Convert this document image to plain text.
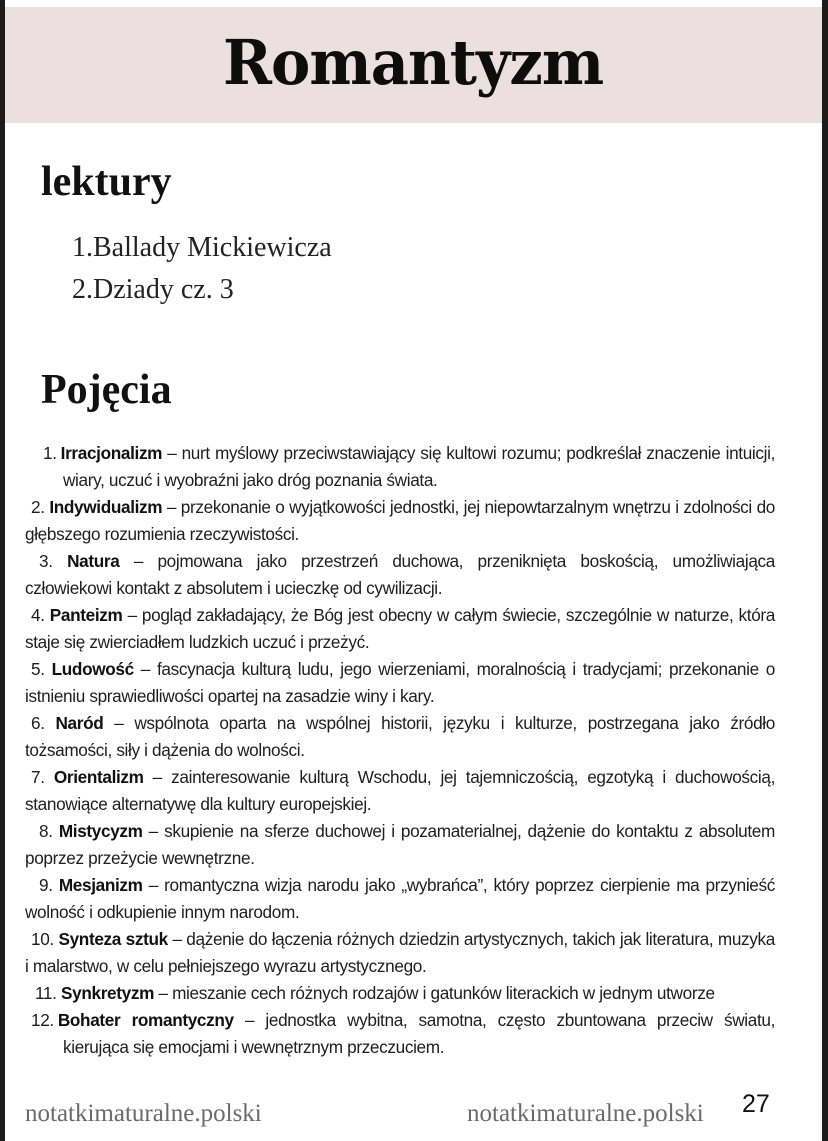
Romantyzm
lektury
1.Ballady Mickiewicza
2.Dziady cz. 3
Pojęcia
1. Irracjonalizm – nurt myślowy przeciwstawiający się kultowi rozumu; podkreślał znaczenie intuicji, wiary, uczuć i wyobraźni jako dróg poznania świata.
2. Indywidualizm – przekonanie o wyjątkowości jednostki, jej niepowtarzalnym wnętrzu i zdolności do głębszego rozumienia rzeczywistości.
3. Natura – pojmowana jako przestrzeń duchowa, przeniknięta boskością, umożliwiająca człowiekowi kontakt z absolutem i ucieczkę od cywilizacji.
4. Panteizm – pogląd zakładający, że Bóg jest obecny w całym świecie, szczególnie w naturze, która staje się zwierciadłem ludzkich uczuć i przeżyć.
5. Ludowość – fascynacja kulturą ludu, jego wierzeniami, moralnością i tradycjami; przekonanie o istnieniu sprawiedliwości opartej na zasadzie winy i kary.
6. Naród – wspólnota oparta na wspólnej historii, języku i kulturze, postrzegana jako źródło tożsamości, siły i dążenia do wolności.
7. Orientalizm – zainteresowanie kulturą Wschodu, jej tajemniczością, egzotyką i duchowością, stanowiące alternatywę dla kultury europejskiej.
8. Mistycyzm – skupienie na sferze duchowej i pozamaterialnej, dążenie do kontaktu z absolutem poprzez przeżycie wewnętrzne.
9. Mesjanizm – romantyczna wizja narodu jako „wybrańca”, który poprzez cierpienie ma przynieść wolność i odkupienie innym narodom.
10. Synteza sztuk – dążenie do łączenia różnych dziedzin artystycznych, takich jak literatura, muzyka i malarstwo, w celu pełniejszego wyrazu artystycznego.
11. Synkretyzm – mieszanie cech różnych rodzajów i gatunków literackich w jednym utworze
12. Bohater romantyczny – jednostka wybitna, samotna, często zbuntowana przeciw światu, kierująca się emocjami i wewnętrznym przeczuciem.
notatkimaturalne.polski	notatkimaturalne.polski 27
